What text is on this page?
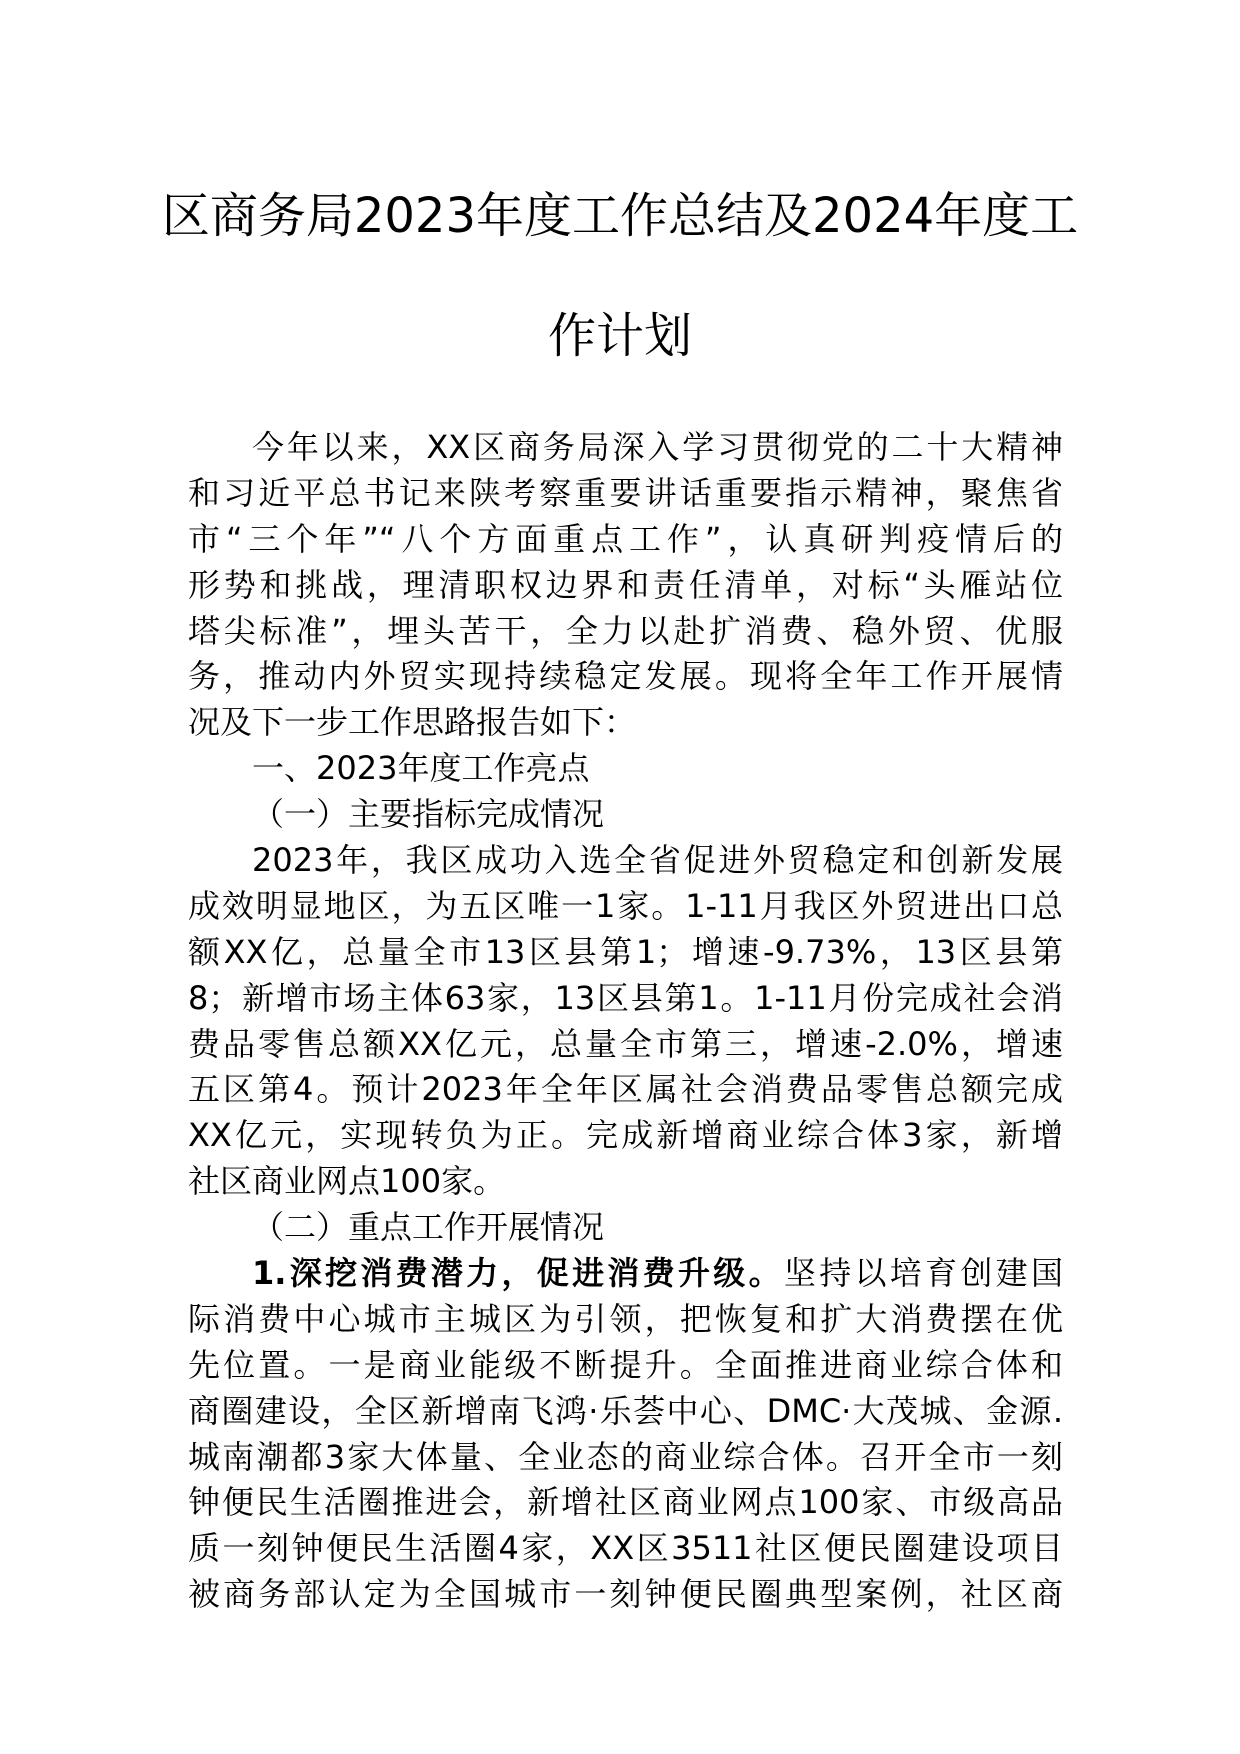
区商务局2023年度工作总结及2024年度工
作计划
今年以来，XX区商务局深入学习贯彻党的二十大精神
和习近平总书记来陕考察重要讲话重要指示精神，聚焦省
市“三个年”“八个方面重点工作”，认真研判疫情后的
形势和挑战，理清职权边界和责任清单，对标“头雁站位
塔尖标准”，埋头苦干，全力以赴扩消费、稳外贸、优服
务，推动内外贸实现持续稳定发展。现将全年工作开展情
况及下一步工作思路报告如下：
一、2023年度工作亮点
（一）主要指标完成情况
2023年，我区成功入选全省促进外贸稳定和创新发展
成效明显地区，为五区唯一1家。1-11月我区外贸进出口总
额XX亿，总量全市13区县第1；增速-9.73%，13区县第
8；新增市场主体63家，13区县第1。1-11月份完成社会消
费品零售总额XX亿元，总量全市第三，增速-2.0%，增速
五区第4。预计2023年全年区属社会消费品零售总额完成
XX亿元，实现转负为正。完成新增商业综合体3家，新增
社区商业网点100家。
（二）重点工作开展情况
1.深挖消费潜力，促进消费升级。坚持以培育创建国
际消费中心城市主城区为引领，把恢复和扩大消费摆在优
先位置。一是商业能级不断提升。全面推进商业综合体和
商圈建设，全区新增南飞鸿·乐荟中心、DMC·大茂城、金源.
城南潮都3家大体量、全业态的商业综合体。召开全市一刻
钟便民生活圈推进会，新增社区商业网点100家、市级高品
质一刻钟便民生活圈4家，XX区3511社区便民圈建设项目
被商务部认定为全国城市一刻钟便民圈典型案例，社区商
